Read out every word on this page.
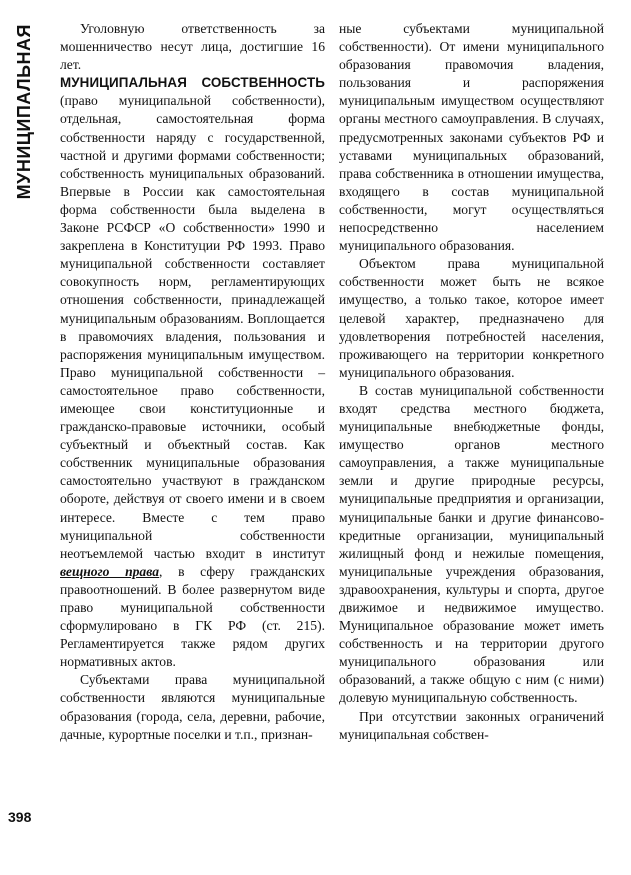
МУНИЦИПАЛЬНАЯ
398

Уголовную ответственность за мошенничество несут лица, достигшие 16 лет.

МУНИЦИПАЛЬНАЯ СОБСТВЕННОСТЬ (право муниципальной собственности), отдельная, самостоятельная форма собственности наряду с государственной, частной и другими формами собственности; собственность муниципальных образований. Впервые в России как самостоятельная форма собственности была выделена в Законе РСФСР «О собственности» 1990 и закреплена в Конституции РФ 1993. Право муниципальной собственности составляет совокупность норм, регламентирующих отношения собственности, принадлежащей муниципальным образованиям. Воплощается в правомочиях владения, пользования и распоряжения муниципальным имуществом. Право муниципальной собственности – самостоятельное право собственности, имеющее свои конституционные и гражданско-правовые источники, особый субъектный и объектный состав. Как собственник муниципальные образования самостоятельно участвуют в гражданском обороте, действуя от своего имени и в своем интересе. Вместе с тем право муниципальной собственности неотъемлемой частью входит в институт вещного права, в сферу гражданских правоотношений. В более развернутом виде право муниципальной собственности сформулировано в ГК РФ (ст. 215). Регламентируется также рядом других нормативных актов.

Субъектами права муниципальной собственности являются муниципальные образования (города, села, деревни, рабочие, дачные, курортные поселки и т.п., признан-

ные субъектами муниципальной собственности). От имени муниципального образования правомочия владения, пользования и распоряжения муниципальным имуществом осуществляют органы местного самоуправления. В случаях, предусмотренных законами субъектов РФ и уставами муниципальных образований, права собственника в отношении имущества, входящего в состав муниципальной собственности, могут осуществляться непосредственно населением муниципального образования.

Объектом права муниципальной собственности может быть не всякое имущество, а только такое, которое имеет целевой характер, предназначено для удовлетворения потребностей населения, проживающего на территории конкретного муниципального образования.

В состав муниципальной собственности входят средства местного бюджета, муниципальные внебюджетные фонды, имущество органов местного самоуправления, а также муниципальные земли и другие природные ресурсы, муниципальные предприятия и организации, муниципальные банки и другие финансово-кредитные организации, муниципальный жилищный фонд и нежилые помещения, муниципальные учреждения образования, здравоохранения, культуры и спорта, другое движимое и недвижимое имущество. Муниципальное образование может иметь собственность и на территории другого муниципального образования или образований, а также общую с ним (с ними) долевую муниципальную собственность.

При отсутствии законных ограничений муниципальная собствен-
